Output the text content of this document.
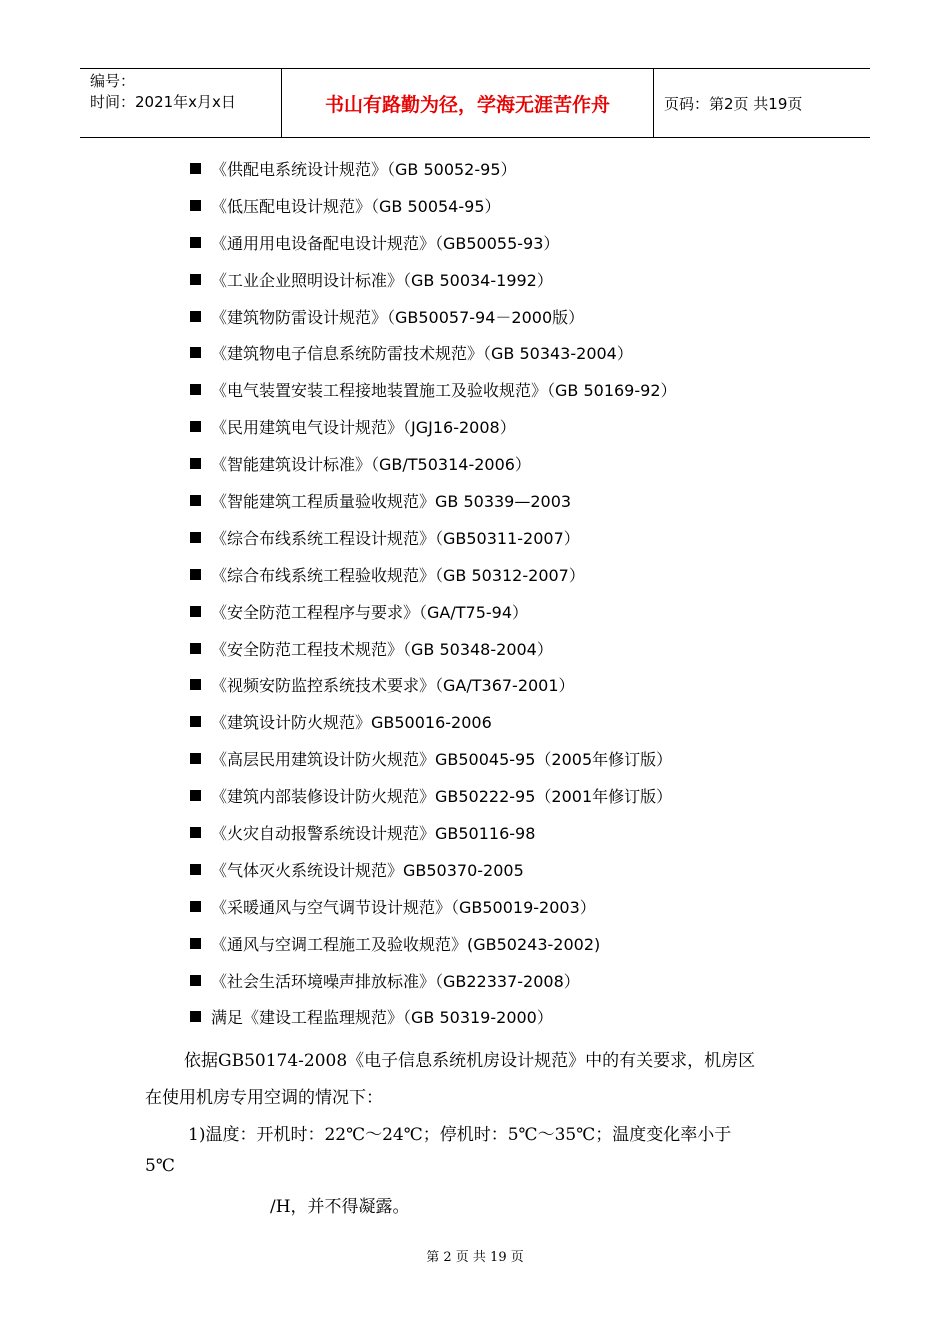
编号：
时间：2021年x月x日	书山有路勤为径，学海无涯苦作舟	页码：第2页 共19页
《供配电系统设计规范》（GB 50052-95）
《低压配电设计规范》（GB 50054-95）
《通用用电设备配电设计规范》（GB50055-93）
《工业企业照明设计标准》（GB 50034-1992）
《建筑物防雷设计规范》（GB50057-94－2000版）
《建筑物电子信息系统防雷技术规范》（GB 50343-2004）
《电气装置安装工程接地装置施工及验收规范》（GB 50169-92）
《民用建筑电气设计规范》（JGJ16-2008）
《智能建筑设计标准》（GB/T50314-2006）
《智能建筑工程质量验收规范》GB 50339—2003
《综合布线系统工程设计规范》（GB50311-2007）
《综合布线系统工程验收规范》（GB 50312-2007）
《安全防范工程程序与要求》（GA/T75-94）
《安全防范工程技术规范》（GB 50348-2004）
《视频安防监控系统技术要求》（GA/T367-2001）
《建筑设计防火规范》GB50016-2006
《高层民用建筑设计防火规范》GB50045-95（2005年修订版）
《建筑内部装修设计防火规范》GB50222-95（2001年修订版）
《火灾自动报警系统设计规范》GB50116-98
《气体灭火系统设计规范》GB50370-2005
《采暖通风与空气调节设计规范》（GB50019-2003）
《通风与空调工程施工及验收规范》(GB50243-2002)
《社会生活环境噪声排放标准》（GB22337-2008）
满足《建设工程监理规范》（GB 50319-2000）
依据GB50174-2008《电子信息系统机房设计规范》中的有关要求，机房区
在使用机房专用空调的情况下：
1)温度：开机时：22℃～24℃；停机时：5℃～35℃；温度变化率小于
5℃
/H，并不得凝露。
第 2 页 共 19 页
